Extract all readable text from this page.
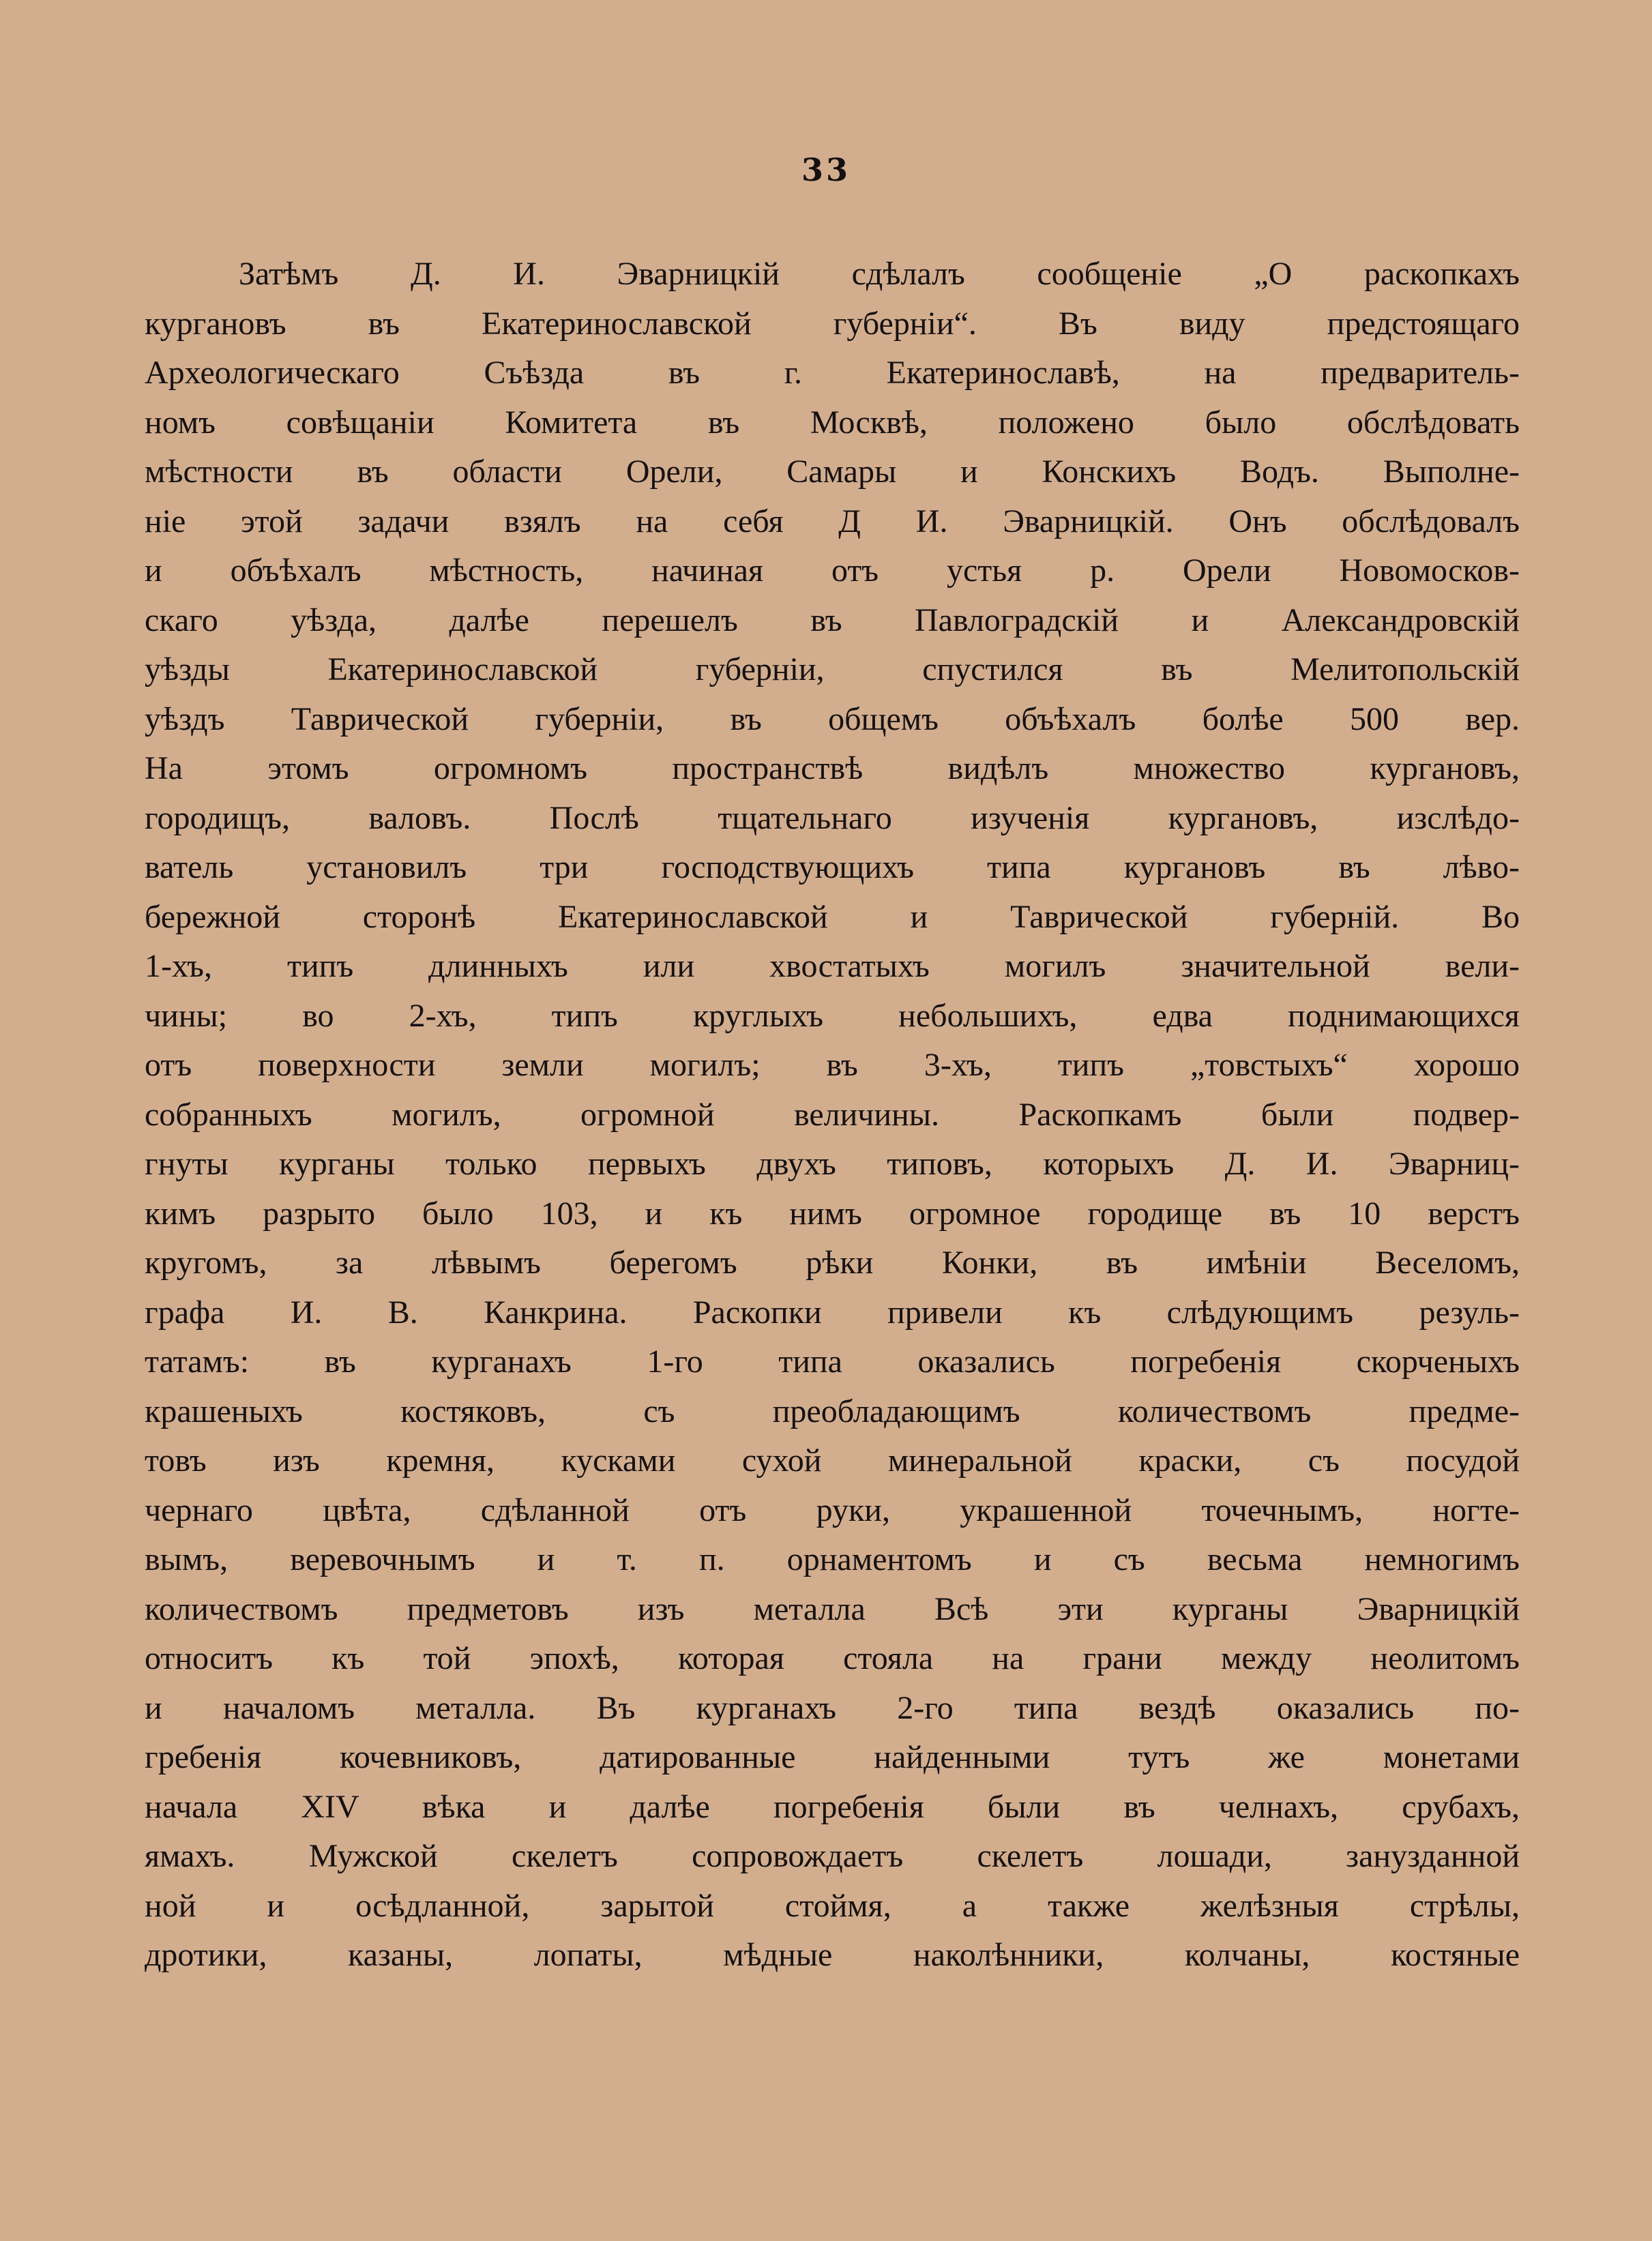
33
Затѣмъ Д. И. Эварницкій сдѣлалъ сообщеніе „О раскопкахъ
кургановъ въ Екатеринославской губерніи“. Въ виду предстоящаго
Археологическаго Съѣзда въ г. Екатеринославѣ, на предваритель-
номъ совѣщаніи Комитета въ Москвѣ, положено было обслѣдовать
мѣстности въ области Орели, Самары и Конскихъ Водъ. Выполне-
ніе этой задачи взялъ на себя Д И. Эварницкій. Онъ обслѣдовалъ
и объѣхалъ мѣстность, начиная отъ устья р. Орели Новомосков-
скаго уѣзда, далѣе перешелъ въ Павлоградскій и Александровскій
уѣзды Екатеринославской губерніи, спустился въ Мелитопольскій
уѣздъ Таврической губерніи, въ общемъ объѣхалъ болѣе 500 вер.
На этомъ огромномъ пространствѣ видѣлъ множество кургановъ,
городищъ, валовъ. Послѣ тщательнаго изученія кургановъ, изслѣдо-
ватель установилъ три господствующихъ типа кургановъ въ лѣво-
бережной сторонѣ Екатеринославской и Таврической губерній. Во
1-хъ, типъ длинныхъ или хвостатыхъ могилъ значительной вели-
чины; во 2-хъ, типъ круглыхъ небольшихъ, едва поднимающихся
отъ поверхности земли могилъ; въ 3-хъ, типъ „товстыхъ“ хорошо
собранныхъ могилъ, огромной величины. Раскопкамъ были подвер-
гнуты курганы только первыхъ двухъ типовъ, которыхъ Д. И. Эварниц-
кимъ разрыто было 103, и къ нимъ огромное городище въ 10 верстъ
кругомъ, за лѣвымъ берегомъ рѣки Конки, въ имѣніи Веселомъ,
графа И. В. Канкрина. Раскопки привели къ слѣдующимъ резуль-
татамъ: въ курганахъ 1-го типа оказались погребенія скорченыхъ
крашеныхъ костяковъ, съ преобладающимъ количествомъ предме-
товъ изъ кремня, кусками сухой минеральной краски, съ посудой
чернаго цвѣта, сдѣланной отъ руки, украшенной точечнымъ, ногте-
вымъ, веревочнымъ и т. п. орнаментомъ и съ весьма немногимъ
количествомъ предметовъ изъ металла Всѣ эти курганы Эварницкій
относитъ къ той эпохѣ, которая стояла на грани между неолитомъ
и началомъ металла. Въ курганахъ 2-го типа вездѣ оказались по-
гребенія кочевниковъ, датированные найденными тутъ же монетами
начала XIV вѣка и далѣе погребенія были въ челнахъ, срубахъ,
ямахъ. Мужской скелетъ сопровождаетъ скелетъ лошади, занузданной
ной и осѣдланной, зарытой стоймя, а также желѣзныя стрѣлы,
дротики, казаны, лопаты, мѣдные наколѣнники, колчаны, костяные
